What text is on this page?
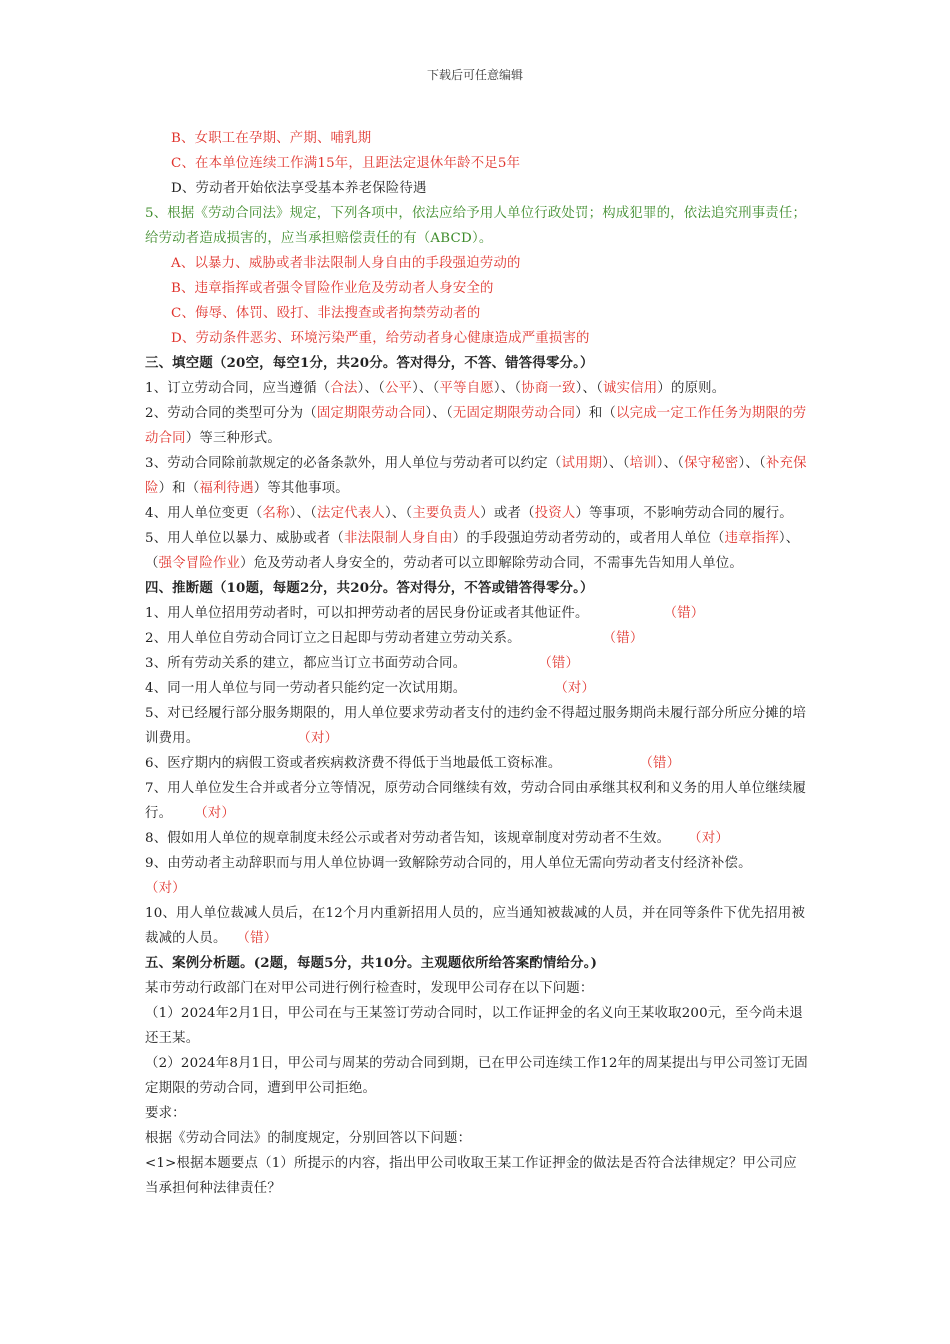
下载后可任意编辑
B、女职工在孕期、产期、哺乳期
C、在本单位连续工作满15年，且距法定退休年龄不足5年
D、劳动者开始依法享受基本养老保险待遇
5、根据《劳动合同法》规定，下列各项中，依法应给予用人单位行政处罚；构成犯罪的，依法追究刑事责任；给劳动者造成损害的，应当承担赔偿责任的有（ABCD）。
A、以暴力、威胁或者非法限制人身自由的手段强迫劳动的
B、违章指挥或者强令冒险作业危及劳动者人身安全的
C、侮辱、体罚、殴打、非法搜查或者拘禁劳动者的
D、劳动条件恶劣、环境污染严重，给劳动者身心健康造成严重损害的
三、填空题（20空，每空1分，共20分。答对得分，不答、错答得零分。）
1、订立劳动合同，应当遵循（合法）、（公平）、（平等自愿）、（协商一致）、（诚实信用）的原则。
2、劳动合同的类型可分为（固定期限劳动合同）、（无固定期限劳动合同）和（以完成一定工作任务为期限的劳动合同）等三种形式。
3、劳动合同除前款规定的必备条款外，用人单位与劳动者可以约定（试用期）、（培训）、（保守秘密）、（补充保险）和（福利待遇）等其他事项。
4、用人单位变更（名称）、（法定代表人）、（主要负责人）或者（投资人）等事项，不影响劳动合同的履行。
5、用人单位以暴力、威胁或者（非法限制人身自由）的手段强迫劳动者劳动的，或者用人单位（违章指挥）、（强令冒险作业）危及劳动者人身安全的，劳动者可以立即解除劳动合同，不需事先告知用人单位。
四、推断题（10题，每题2分，共20分。答对得分，不答或错答得零分。）
1、用人单位招用劳动者时，可以扣押劳动者的居民身份证或者其他证件。	（错）
2、用人单位自劳动合同订立之日起即与劳动者建立劳动关系。	（错）
3、所有劳动关系的建立，都应当订立书面劳动合同。	（错）
4、同一用人单位与同一劳动者只能约定一次试用期。	（对）
5、对已经履行部分服务期限的，用人单位要求劳动者支付的违约金不得超过服务期尚未履行部分所应分摊的培训费用。	（对）
6、医疗期内的病假工资或者疾病救济费不得低于当地最低工资标准。	（错）
7、用人单位发生合并或者分立等情况，原劳动合同继续有效，劳动合同由承继其权利和义务的用人单位继续履行。 （对）
8、假如用人单位的规章制度未经公示或者对劳动者告知，该规章制度对劳动者不生效。 （对）
9、由劳动者主动辞职而与用人单位协调一致解除劳动合同的，用人单位无需向劳动者支付经济补偿。（对）
10、用人单位裁减人员后，在12个月内重新招用人员的，应当通知被裁减的人员，并在同等条件下优先招用被裁减的人员。 （错）
五、案例分析题。(2题，每题5分，共10分。主观题依所给答案酌情给分。)
某市劳动行政部门在对甲公司进行例行检查时，发现甲公司存在以下问题：
（1）2024年2月1日，甲公司在与王某签订劳动合同时，以工作证押金的名义向王某收取200元，至今尚未退还王某。
（2）2024年8月1日，甲公司与周某的劳动合同到期，已在甲公司连续工作12年的周某提出与甲公司签订无固定期限的劳动合同，遭到甲公司拒绝。
要求：
根据《劳动合同法》的制度规定，分别回答以下问题：
<1>根据本题要点（1）所提示的内容，指出甲公司收取王某工作证押金的做法是否符合法律规定？甲公司应当承担何种法律责任？
